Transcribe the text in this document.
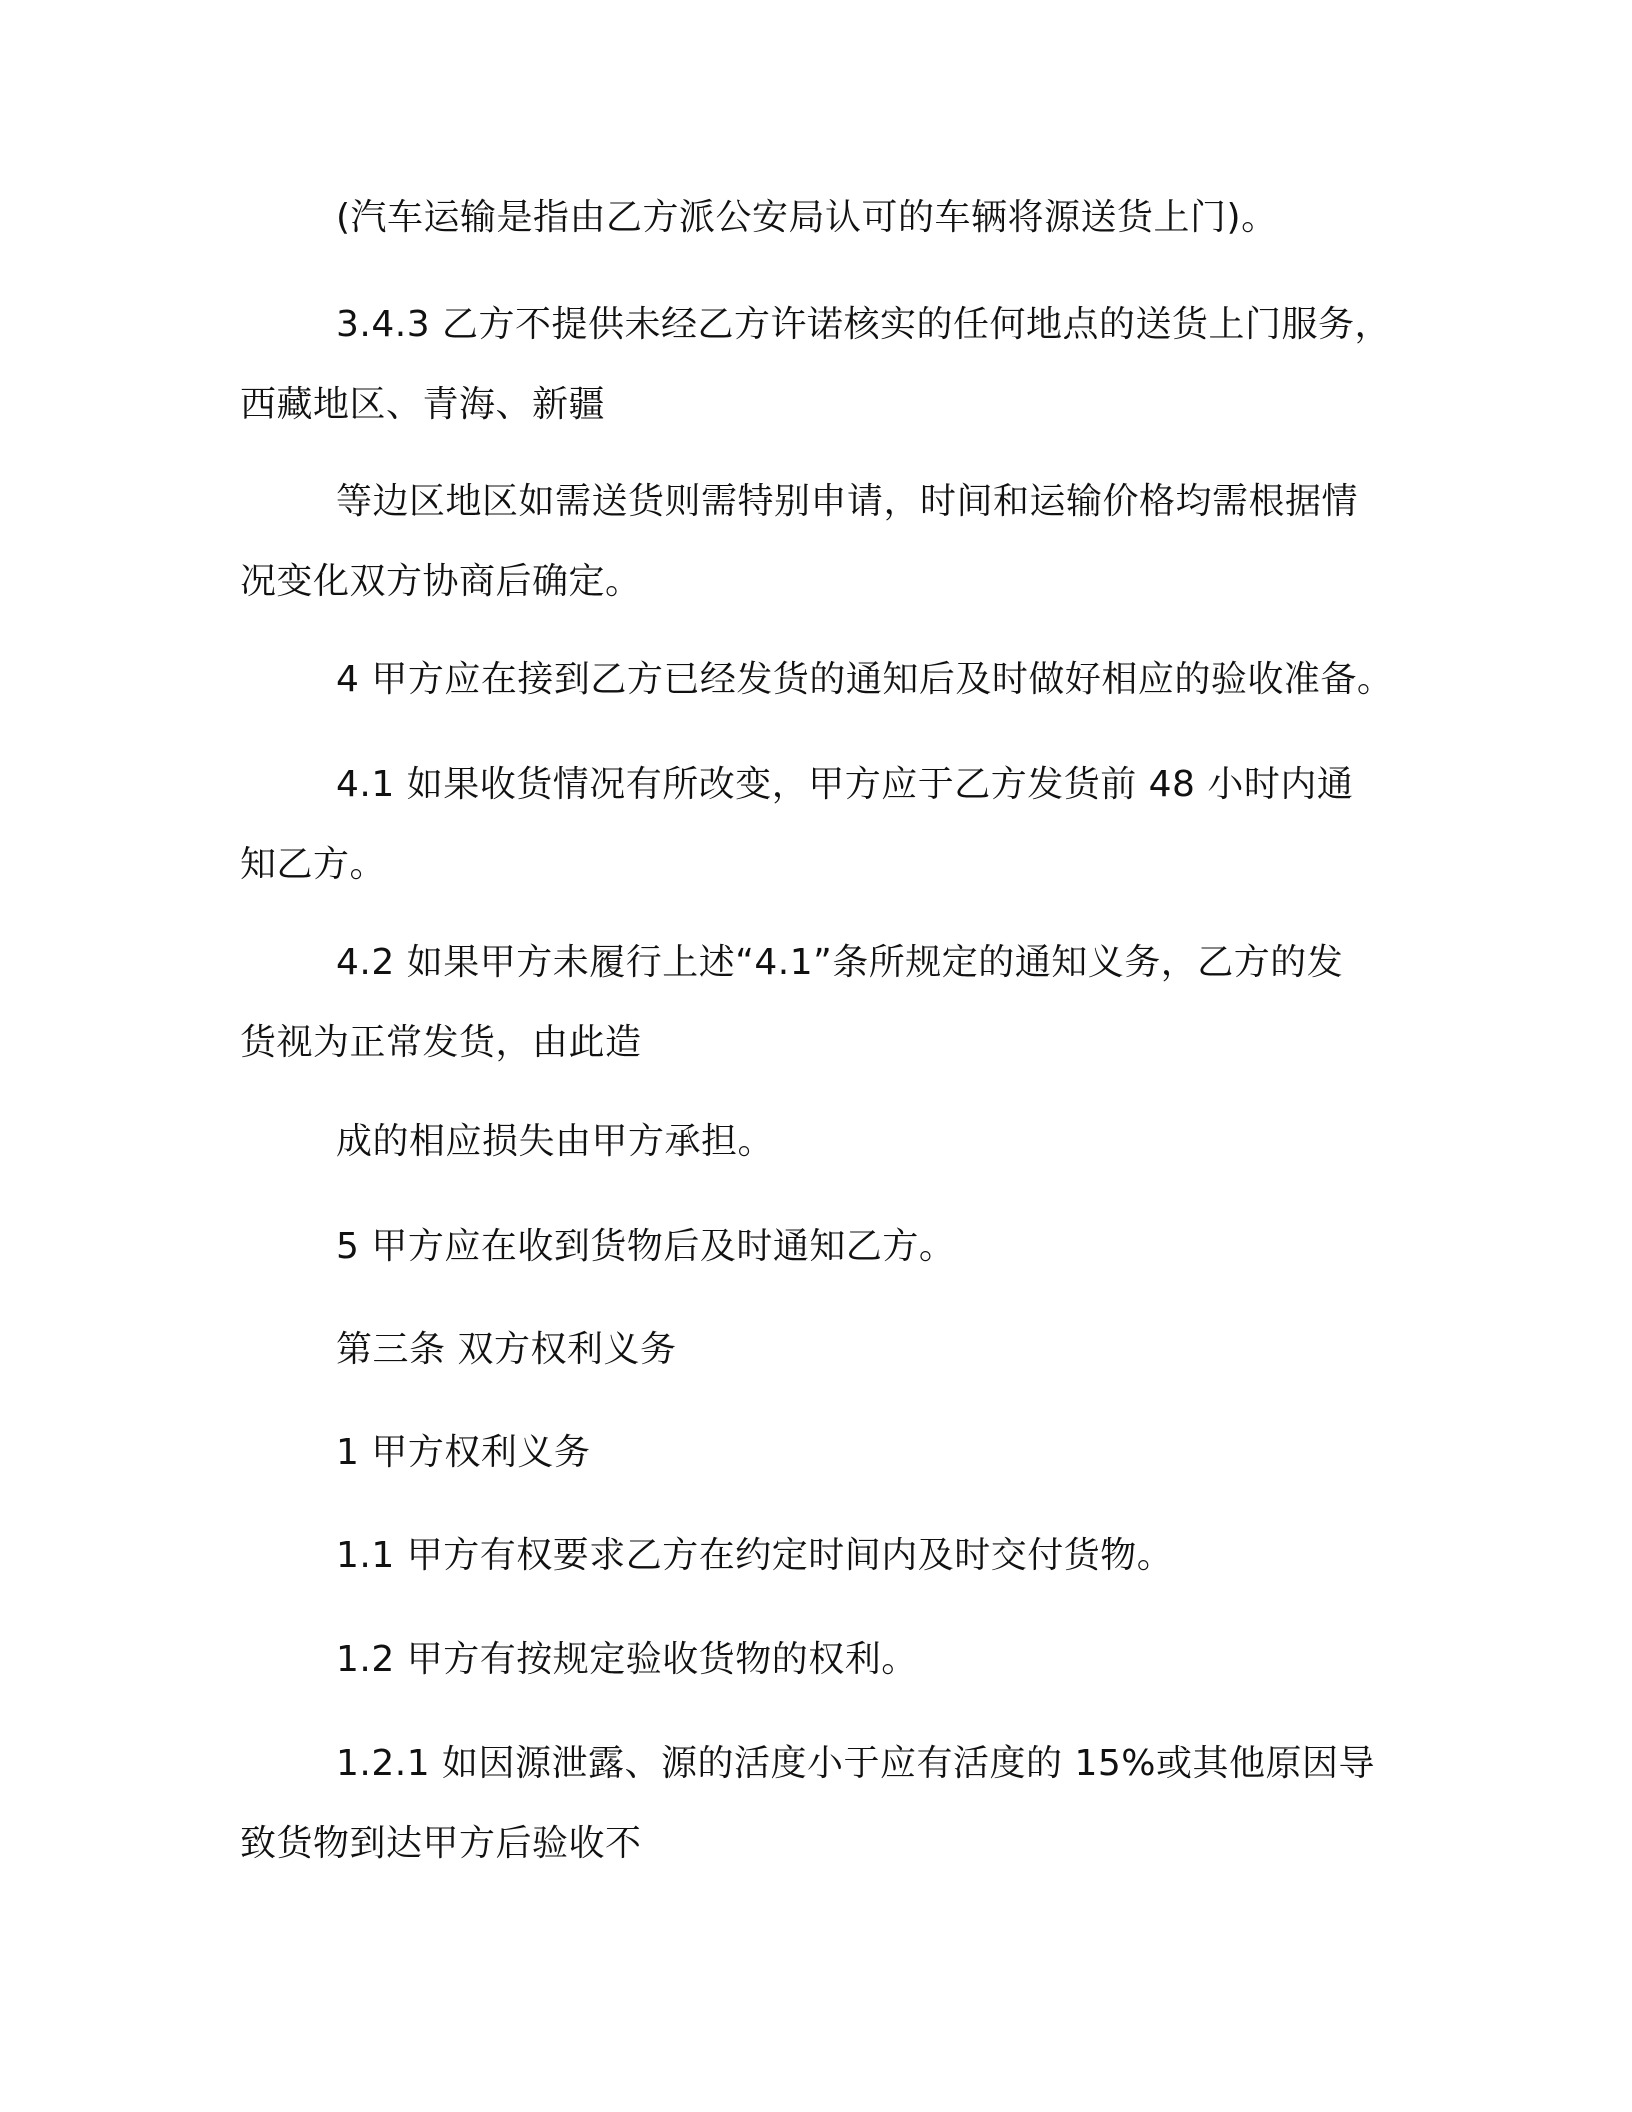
(汽车运输是指由乙方派公安局认可的车辆将源送货上门)。
3.4.3 乙方不提供未经乙方许诺核实的任何地点的送货上门服务，
西藏地区、青海、新疆
等边区地区如需送货则需特别申请，时间和运输价格均需根据情
况变化双方协商后确定。
4 甲方应在接到乙方已经发货的通知后及时做好相应的验收准备。
4.1 如果收货情况有所改变，甲方应于乙方发货前 48 小时内通
知乙方。
4.2 如果甲方未履行上述“4.1”条所规定的通知义务，乙方的发
货视为正常发货，由此造
成的相应损失由甲方承担。
5 甲方应在收到货物后及时通知乙方。
第三条 双方权利义务
1 甲方权利义务
1.1 甲方有权要求乙方在约定时间内及时交付货物。
1.2 甲方有按规定验收货物的权利。
1.2.1 如因源泄露、源的活度小于应有活度的 15%或其他原因导
致货物到达甲方后验收不
